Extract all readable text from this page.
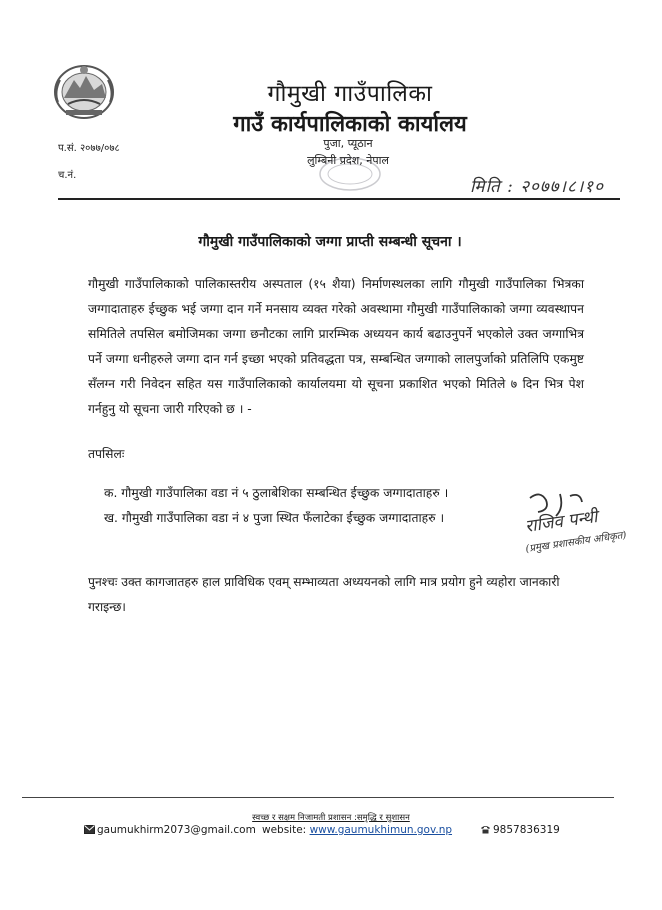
गौमुखी गाउँपालिका
गाउँ कार्यपालिकाको कार्यालय
पुजा, प्यूठान
लुम्बिनी प्रदेश, नेपाल
प.सं. २०७७/०७८
च.नं.
मिति : २०७७।८।१०
गौमुखी गाउँपालिकाको जग्गा प्राप्ती सम्बन्धी सूचना ।
गौमुखी गाउँपालिकाको पालिकास्तरीय अस्पताल (१५ शैया) निर्माणस्थलका लागि गौमुखी गाउँपालिका भित्रका जग्गादाताहरु ईच्छुक भई जग्गा दान गर्ने मनसाय व्यक्त गरेको अवस्थामा गौमुखी गाउँपालिकाको जग्गा व्यवस्थापन समितिले तपसिल बमोजिमका जग्गा छनौटका लागि प्रारम्भिक अध्ययन कार्य बढाउनुपर्ने भएकोले उक्त जग्गाभित्र पर्ने जग्गा धनीहरुले जग्गा दान गर्न इच्छा भएको प्रतिवद्धता पत्र, सम्बन्धित जग्गाको लालपुर्जाको प्रतिलिपि एकमुष्ट सँलग्न गरी निवेदन सहित यस गाउँपालिकाको कार्यालयमा यो सूचना प्रकाशित भएको मितिले ७ दिन भित्र पेश गर्नहुनु यो सूचना जारी गरिएको छ । -
तपसिलः
क. गौमुखी गाउँपालिका वडा नं ५ ठुलाबेशिका सम्बन्धित ईच्छुक जग्गादाताहरु ।
ख. गौमुखी गाउँपालिका वडा नं ४ पुजा स्थित फँलाटेका ईच्छुक जग्गादाताहरु ।	राजिव पन्थी
(प्रमुख प्रशासकीय अधिकृत)
पुनश्चः उक्त कागजातहरु हाल प्राविधिक एवम् सम्भाव्यता अध्ययनको लागि मात्र प्रयोग हुने व्यहोरा जानकारी गराइन्छ।
स्वच्छ र सक्षम निजामती प्रशासन :समृद्धि र सुशासन
gaumukhirm2073@gmail.com website: www.gaumukhimun.gov.np	9857836319
